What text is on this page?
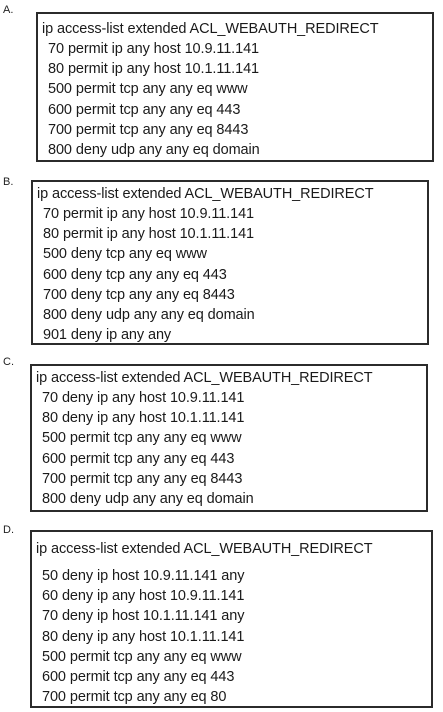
A.
ip access-list extended ACL_WEBAUTH_REDIRECT
70 permit ip any host 10.9.11.141
80 permit ip any host 10.1.11.141
500 permit tcp any any eq www
600 permit tcp any any eq 443
700 permit tcp any any eq 8443
800 deny udp any any eq domain
B.
ip access-list extended ACL_WEBAUTH_REDIRECT
70 permit ip any host 10.9.11.141
80 permit ip any host 10.1.11.141
500 deny tcp any eq www
600 deny tcp any any eq 443
700 deny tcp any any eq 8443
800 deny udp any any eq domain
901 deny ip any any
C.
ip access-list extended ACL_WEBAUTH_REDIRECT
70 deny ip any host 10.9.11.141
80 deny ip any host 10.1.11.141
500 permit tcp any any eq www
600 permit tcp any any eq 443
700 permit tcp any any eq 8443
800 deny udp any any eq domain
D.
ip access-list extended ACL_WEBAUTH_REDIRECT
50 deny ip host 10.9.11.141 any
60 deny ip any host 10.9.11.141
70 deny ip host 10.1.11.141 any
80 deny ip any host 10.1.11.141
500 permit tcp any any eq www
600 permit tcp any any eq 443
700 permit tcp any any eq 80
